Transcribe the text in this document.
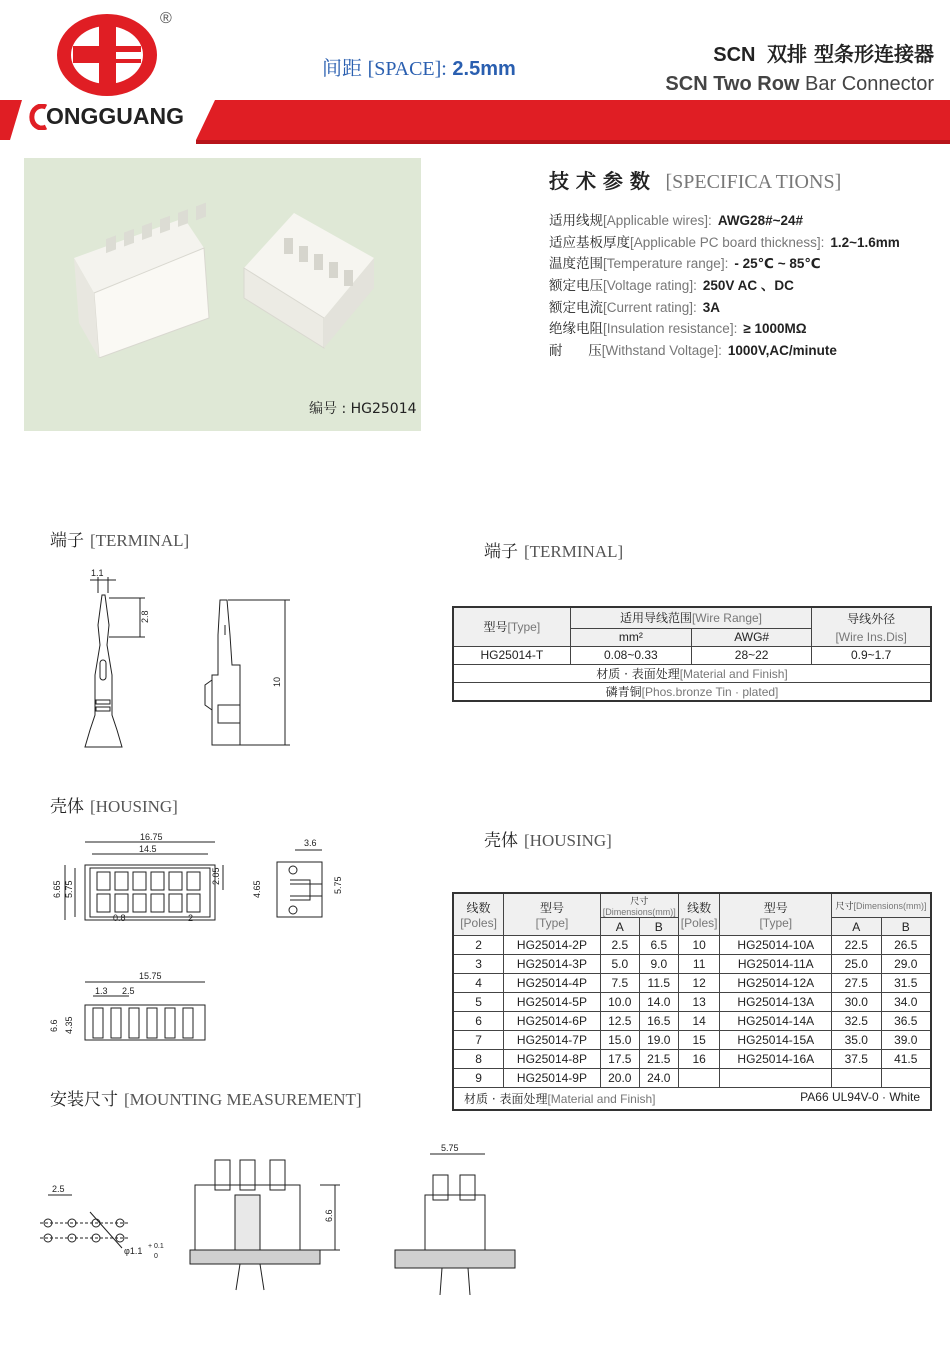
®
ONGGUANG
间距 [SPACE]: 2.5mm
SCN 双排 型条形连接器
SCN Two Row Bar Connector
编号 : HG25014
技 术 参 数 [SPECIFICA TIONS]
适用线规[Applicable wires]: AWG28#~24#
适应基板厚度[Applicable PC board thickness]: 1.2~1.6mm
温度范围[Temperature range]: - 25℃ ~ 85℃
额定电压[Voltage rating]: 250V AC 、DC
额定电流[Current rating]: 3A
绝缘电阻[Insulation resistance]: ≥ 1000MΩ
耐      压[Withstand Voltage]: 1000V,AC/minute
端子 [TERMINAL]
端子 [TERMINAL]
壳体 [HOUSING]
壳体 [HOUSING]
安装尺寸 [MOUNTING MEASUREMENT]
1.1
2.8
10
型号[Type]	适用导线范围[Wire Range]		导线外径
	mm²	AWG#	[Wire Ins.Dis]
HG25014-T	0.08~0.33	28~22	0.9~1.7
材质 · 表面处理[Material and Finish]			
磷青铜[Phos.bronze Tin · plated]			
16.75
14.5
6.65 5.75
2.05
0.8	2
3.6
4.65	5.75
15.75
1.3 2.5
6.6 4.35
线数
[Poles]	型号
[Type]	尺寸[Dimensions(mm)]		线数
[Poles]	型号
[Type]	尺寸[Dimensions(mm)]	
		A	B			A	B
2	HG25014-2P	2.5	6.5	10	HG25014-10A	22.5	26.5
3	HG25014-3P	5.0	9.0	11	HG25014-11A	25.0	29.0
4	HG25014-4P	7.5	11.5	12	HG25014-12A	27.5	31.5
5	HG25014-5P	10.0	14.0	13	HG25014-13A	30.0	34.0
6	HG25014-6P	12.5	16.5	14	HG25014-14A	32.5	36.5
7	HG25014-7P	15.0	19.0	15	HG25014-15A	35.0	39.0
8	HG25014-8P	17.5	21.5	16	HG25014-16A	37.5	41.5
9	HG25014-9P	20.0	24.0				
材质 · 表面处理[Material and Finish] PA66 UL94V-0 · White							
2.5
φ1.1 + 0.1
0
6.6
5.75
